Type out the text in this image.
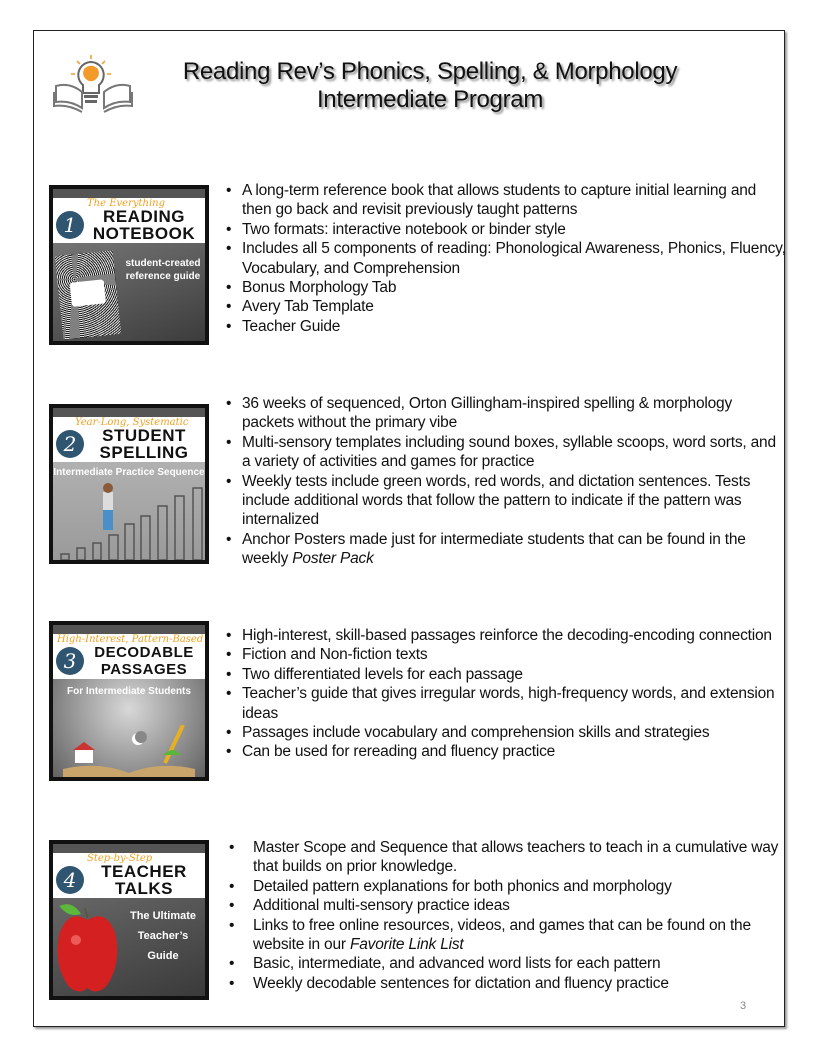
Reading Rev’s Phonics, Spelling, & Morphology
Intermediate Program
The Everything
1	READING
NOTEBOOK
student-created
reference guide
• A long-term reference book that allows students to capture initial learning and then go back and revisit previously taught patterns
• Two formats: interactive notebook or binder style
• Includes all 5 components of reading: Phonological Awareness, Phonics, Fluency, Vocabulary, and Comprehension
• Bonus Morphology Tab
• Avery Tab Template
• Teacher Guide
Year-Long, Systematic
2	STUDENT
SPELLING
Intermediate Practice Sequence
• 36 weeks of sequenced, Orton Gillingham-inspired spelling & morphology packets without the primary vibe
• Multi-sensory templates including sound boxes, syllable scoops, word sorts, and a variety of activities and games for practice
• Weekly tests include green words, red words, and dictation sentences. Tests include additional words that follow the pattern to indicate if the pattern was internalized
• Anchor Posters made just for intermediate students that can be found in the weekly Poster Pack
High-Interest, Pattern-Based
3	DECODABLE
PASSAGES
For Intermediate Students
• High-interest, skill-based passages reinforce the decoding-encoding connection
• Fiction and Non-fiction texts
• Two differentiated levels for each passage
• Teacher’s guide that gives irregular words, high-frequency words, and extension ideas
• Passages include vocabulary and comprehension skills and strategies
• Can be used for rereading and fluency practice
Step-by-Step
4	TEACHER
TALKS
The Ultimate
Teacher’s Guide
• Master Scope and Sequence that allows teachers to teach in a cumulative way that builds on prior knowledge.
• Detailed pattern explanations for both phonics and morphology
• Additional multi-sensory practice ideas
• Links to free online resources, videos, and games that can be found on the website in our Favorite Link List
• Basic, intermediate, and advanced word lists for each pattern
• Weekly decodable sentences for dictation and fluency practice
3
